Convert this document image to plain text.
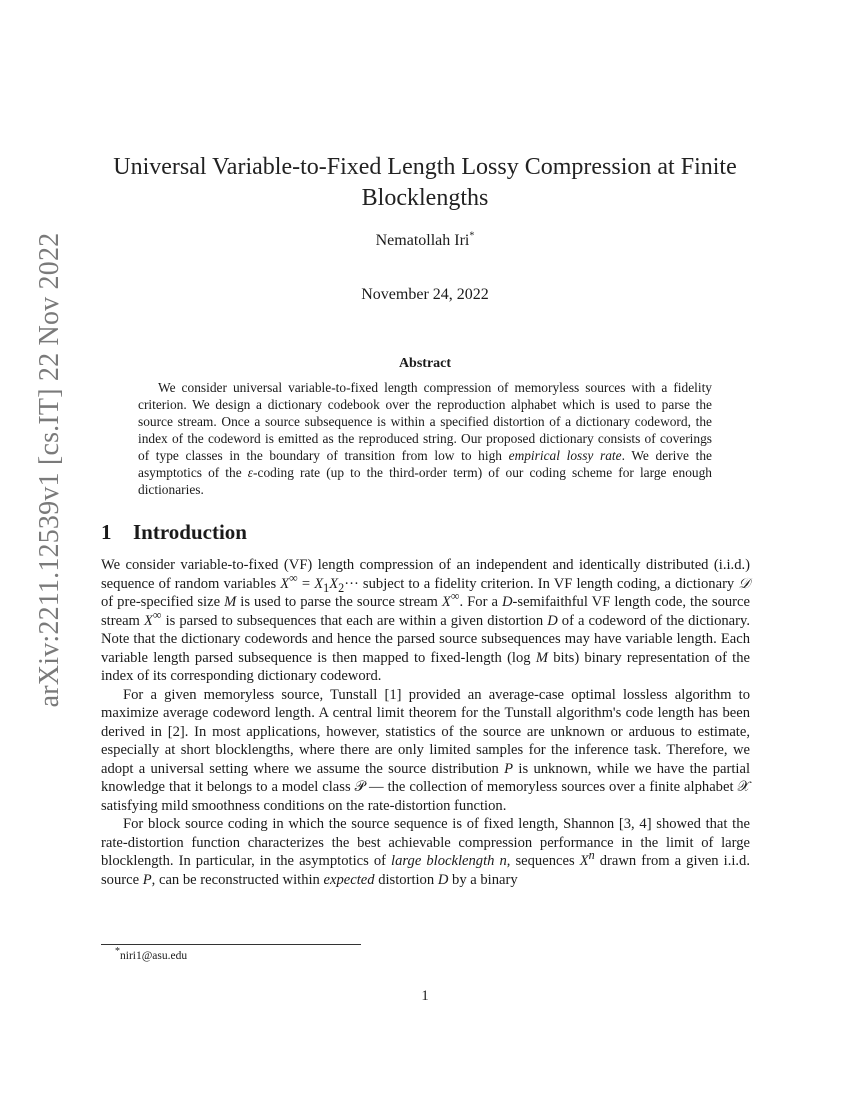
arXiv:2211.12539v1 [cs.IT] 22 Nov 2022
Universal Variable-to-Fixed Length Lossy Compression at Finite
Blocklengths
Nematollah Iri*
November 24, 2022
Abstract
We consider universal variable-to-fixed length compression of memoryless sources with a fidelity criterion. We design a dictionary codebook over the reproduction alphabet which is used to parse the source stream. Once a source subsequence is within a specified distortion of a dictionary codeword, the index of the codeword is emitted as the reproduced string. Our proposed dictionary consists of coverings of type classes in the boundary of transition from low to high empirical lossy rate. We derive the asymptotics of the ε-coding rate (up to the third-order term) of our coding scheme for large enough dictionaries.
1 Introduction

We consider variable-to-fixed (VF) length compression of an independent and identically distributed (i.i.d.) sequence of random variables $X^\infty = X_1X_2\cdot\cdot\cdot$ subject to a fidelity criterion. In VF length coding, a dictionary 𝒟 of pre-specified size M is used to parse the source stream X∞. For a D-semifaithful VF length code, the source stream X∞ is parsed to subsequences that each are within a given distortion D of a codeword of the dictionary. Note that the dictionary codewords and hence the parsed source subsequences may have variable length. Each variable length parsed subsequence is then mapped to fixed-length (log M bits) binary representation of the index of its corresponding dictionary codeword.

For a given memoryless source, Tunstall [1] provided an average-case optimal lossless algorithm to maximize average codeword length. A central limit theorem for the Tunstall algorithm's code length has been derived in [2]. In most applications, however, statistics of the source are unknown or arduous to estimate, especially at short blocklengths, where there are only limited samples for the inference task. Therefore, we adopt a universal setting where we assume the source distribution P is unknown, while we have the partial knowledge that it belongs to a model class 𝒫 — the collection of memoryless sources over a finite alphabet 𝒳 satisfying mild smoothness conditions on the rate-distortion function.

For block source coding in which the source sequence is of fixed length, Shannon [3, 4] showed that the rate-distortion function characterizes the best achievable compression performance in the limit of large blocklength. In particular, in the asymptotics of large blocklength n, sequences $X^n$ drawn from a given i.i.d. source P, can be reconstructed within expected distortion D by a binary

*niri1@asu.edu
1
